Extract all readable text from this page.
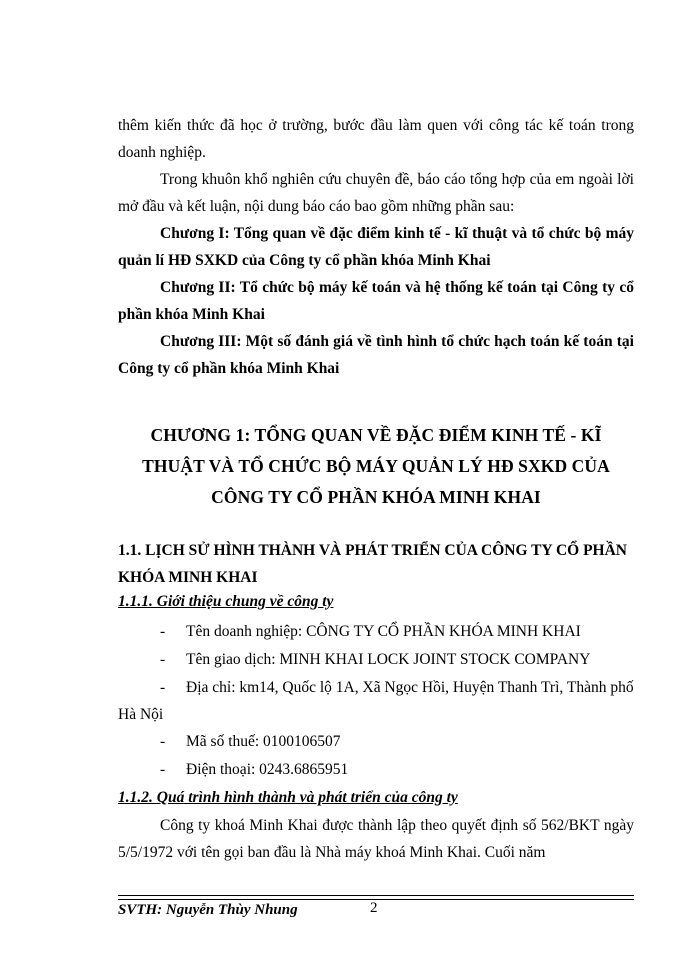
thêm kiến thức đã học ở trường, bước đầu làm quen với công tác kế toán trong doanh nghiệp.
Trong khuôn khổ nghiên cứu chuyên đề, báo cáo tổng hợp của em ngoài lời mở đầu và kết luận, nội dung báo cáo bao gồm những phần sau:
Chương I: Tổng quan về đặc điểm kinh tế - kĩ thuật và tổ chức bộ máy quản lí HĐ SXKD của Công ty cổ phần khóa Minh Khai
Chương II: Tổ chức bộ máy kế toán và hệ thống kế toán tại Công ty cổ phần khóa Minh Khai
Chương III: Một số đánh giá về tình hình tổ chức hạch toán kế toán tại Công ty cổ phần khóa Minh Khai
CHƯƠNG 1: TỔNG QUAN VỀ ĐẶC ĐIỂM KINH TẾ - KĨ
THUẬT VÀ TỔ CHỨC BỘ MÁY QUẢN LÝ HĐ SXKD CỦA
CÔNG TY CỔ PHẦN KHÓA MINH KHAI
1.1. LỊCH SỬ HÌNH THÀNH VÀ PHÁT TRIỂN CỦA CÔNG TY CỔ PHẦN KHÓA MINH KHAI
1.1.1. Giới thiệu chung về công ty
- Tên doanh nghiệp: CÔNG TY CỔ PHẦN KHÓA MINH KHAI
- Tên giao dịch: MINH KHAI LOCK JOINT STOCK COMPANY
- Địa chỉ: km14, Quốc lộ 1A, Xã Ngọc Hồi, Huyện Thanh Trì, Thành phố Hà Nội
- Mã số thuế: 0100106507
- Điện thoại: 0243.6865951
1.1.2. Quá trình hình thành và phát triển của công ty
Công ty khoá Minh Khai được thành lập theo quyết định số 562/BKT ngày 5/5/1972 với tên gọi ban đầu là Nhà máy khoá Minh Khai. Cuối năm
SVTH: Nguyễn Thùy Nhung	2
